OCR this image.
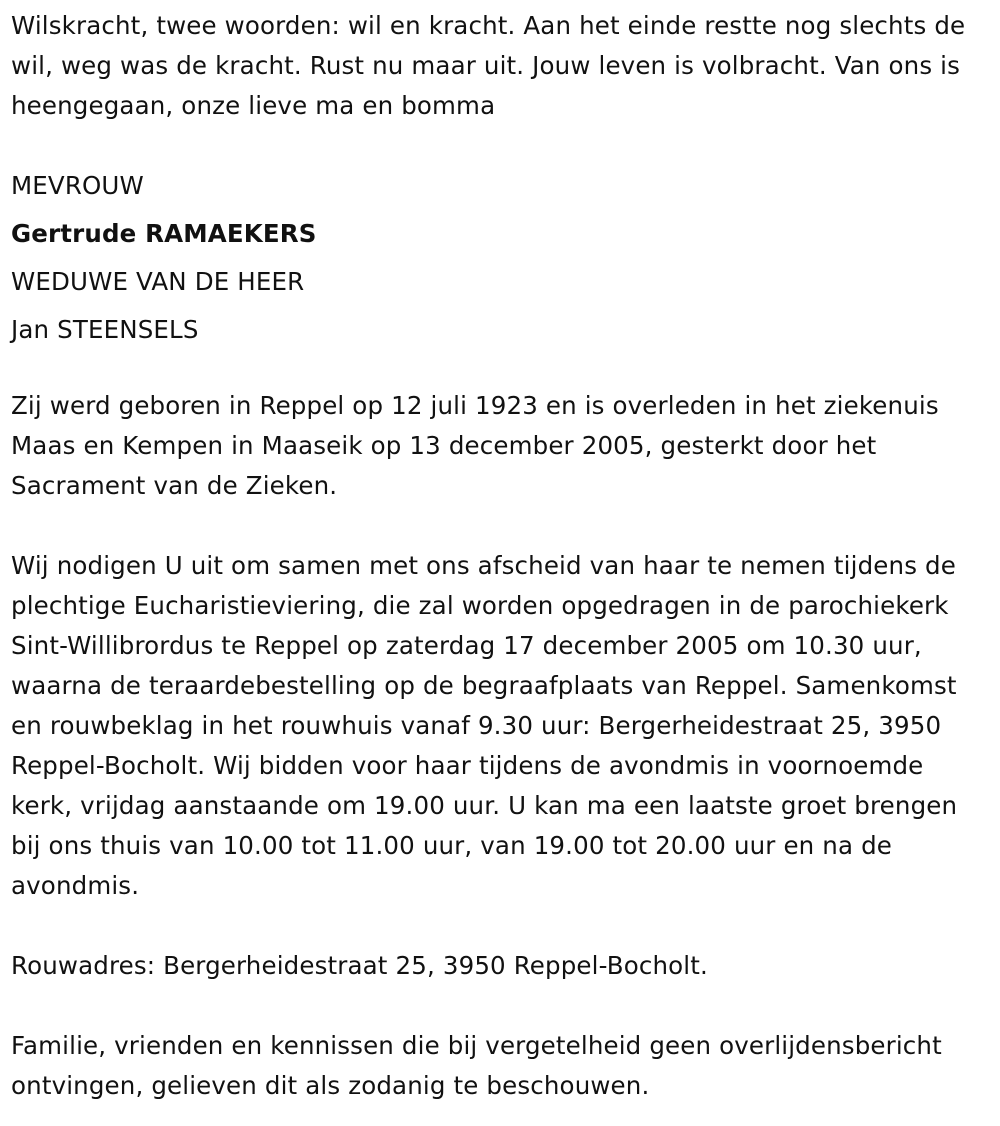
Wilskracht, twee woorden: wil en kracht. Aan het einde restte nog slechts de wil, weg was de kracht. Rust nu maar uit. Jouw leven is volbracht. Van ons is heengegaan, onze lieve ma en bomma

MEVROUW

Gertrude RAMAEKERS

WEDUWE VAN DE HEER

Jan STEENSELS

Zij werd geboren in Reppel op 12 juli 1923 en is overleden in het ziekenuis Maas en Kempen in Maaseik op 13 december 2005, gesterkt door het Sacrament van de Zieken.

Wij nodigen U uit om samen met ons afscheid van haar te nemen tijdens de plechtige Eucharistieviering, die zal worden opgedragen in de parochiekerk Sint-Willibrordus te Reppel op zaterdag 17 december 2005 om 10.30 uur, waarna de teraardebestelling op de begraafplaats van Reppel. Samenkomst en rouwbeklag in het rouwhuis vanaf 9.30 uur: Bergerheidestraat 25, 3950 Reppel-Bocholt. Wij bidden voor haar tijdens de avondmis in voornoemde kerk, vrijdag aanstaande om 19.00 uur. U kan ma een laatste groet brengen bij ons thuis van 10.00 tot 11.00 uur, van 19.00 tot 20.00 uur en na de avondmis.

Rouwadres: Bergerheidestraat 25, 3950 Reppel-Bocholt.

Familie, vrienden en kennissen die bij vergetelheid geen overlijdensbericht ontvingen, gelieven dit als zodanig te beschouwen.
